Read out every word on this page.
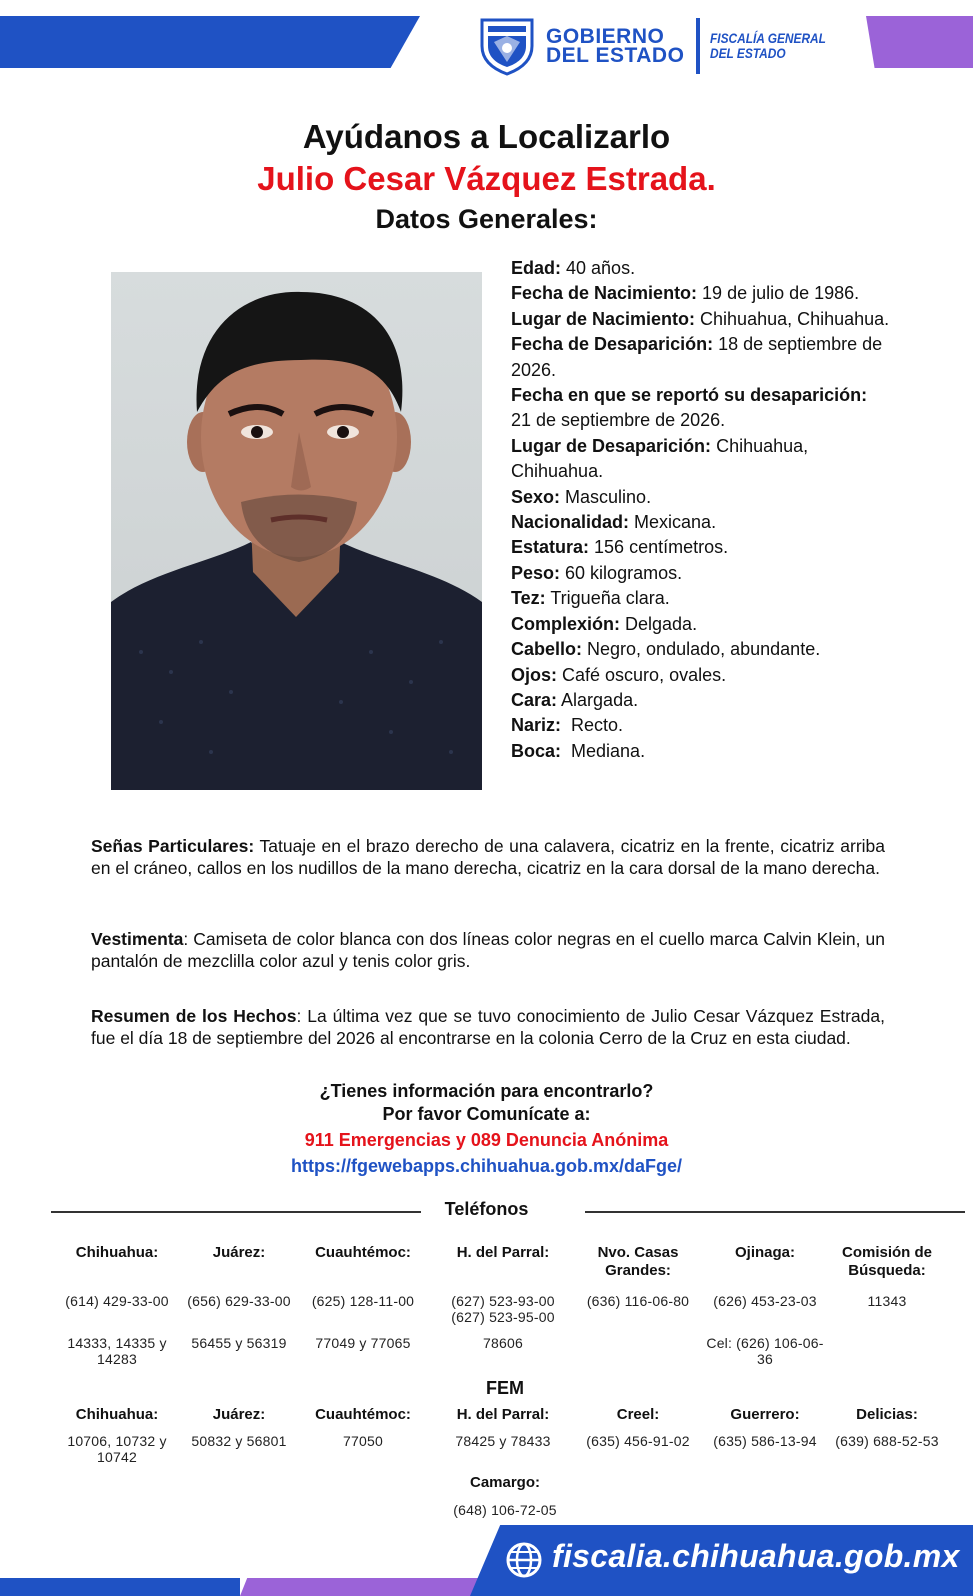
GOBIERNO
DEL ESTADO
FISCALÍA GENERAL
DEL ESTADO
Ayúdanos a Localizarlo
Julio Cesar Vázquez Estrada.
Datos Generales:
Edad: 40 años.
Fecha de Nacimiento: 19 de julio de 1986.
Lugar de Nacimiento: Chihuahua, Chihuahua.
Fecha de Desaparición: 18 de septiembre de 2026.
Fecha en que se reportó su desaparición: 21 de septiembre de 2026.
Lugar de Desaparición: Chihuahua, Chihuahua.
Sexo: Masculino.
Nacionalidad: Mexicana.
Estatura: 156 centímetros.
Peso: 60 kilogramos.
Tez: Trigueña clara.
Complexión: Delgada.
Cabello: Negro, ondulado, abundante.
Ojos: Café oscuro, ovales.
Cara: Alargada.
Nariz:  Recto.
Boca:  Mediana.
Señas Particulares: Tatuaje en el brazo derecho de una calavera, cicatriz en la frente, cicatriz arriba en el cráneo, callos en los nudillos de la mano derecha, cicatriz en la cara dorsal de la mano derecha.
Vestimenta: Camiseta de color blanca con dos líneas color negras en el cuello marca Calvin Klein, un pantalón de mezclilla color azul y tenis color gris.
Resumen de los Hechos: La última vez que se tuvo conocimiento de Julio Cesar Vázquez Estrada, fue el día 18 de septiembre del 2026 al encontrarse en la colonia Cerro de la Cruz en esta ciudad.
¿Tienes información para encontrarlo?
Por favor Comunícate a:
911 Emergencias y 089 Denuncia Anónima
https://fgewebapps.chihuahua.gob.mx/daFge/
Teléfonos
Chihuahua:
(614) 429-33-00
14333, 14335 y 14283
Juárez:
(656) 629-33-00
56455 y 56319
Cuauhtémoc:
(625) 128-11-00
77049 y 77065
H. del Parral:
(627) 523-93-00 (627) 523-95-00
78606
Nvo. Casas Grandes:
(636) 116-06-80
Ojinaga:
(626) 453-23-03
Cel: (626) 106-06-36
Comisión de Búsqueda:
11343
FEM
Chihuahua:
10706, 10732 y 10742
Juárez:
50832 y 56801
Cuauhtémoc:
77050
H. del Parral:
78425 y 78433
Creel:
(635) 456-91-02
Guerrero:
(635) 586-13-94
Delicias:
(639) 688-52-53
Camargo:
(648) 106-72-05
fiscalia.chihuahua.gob.mx
